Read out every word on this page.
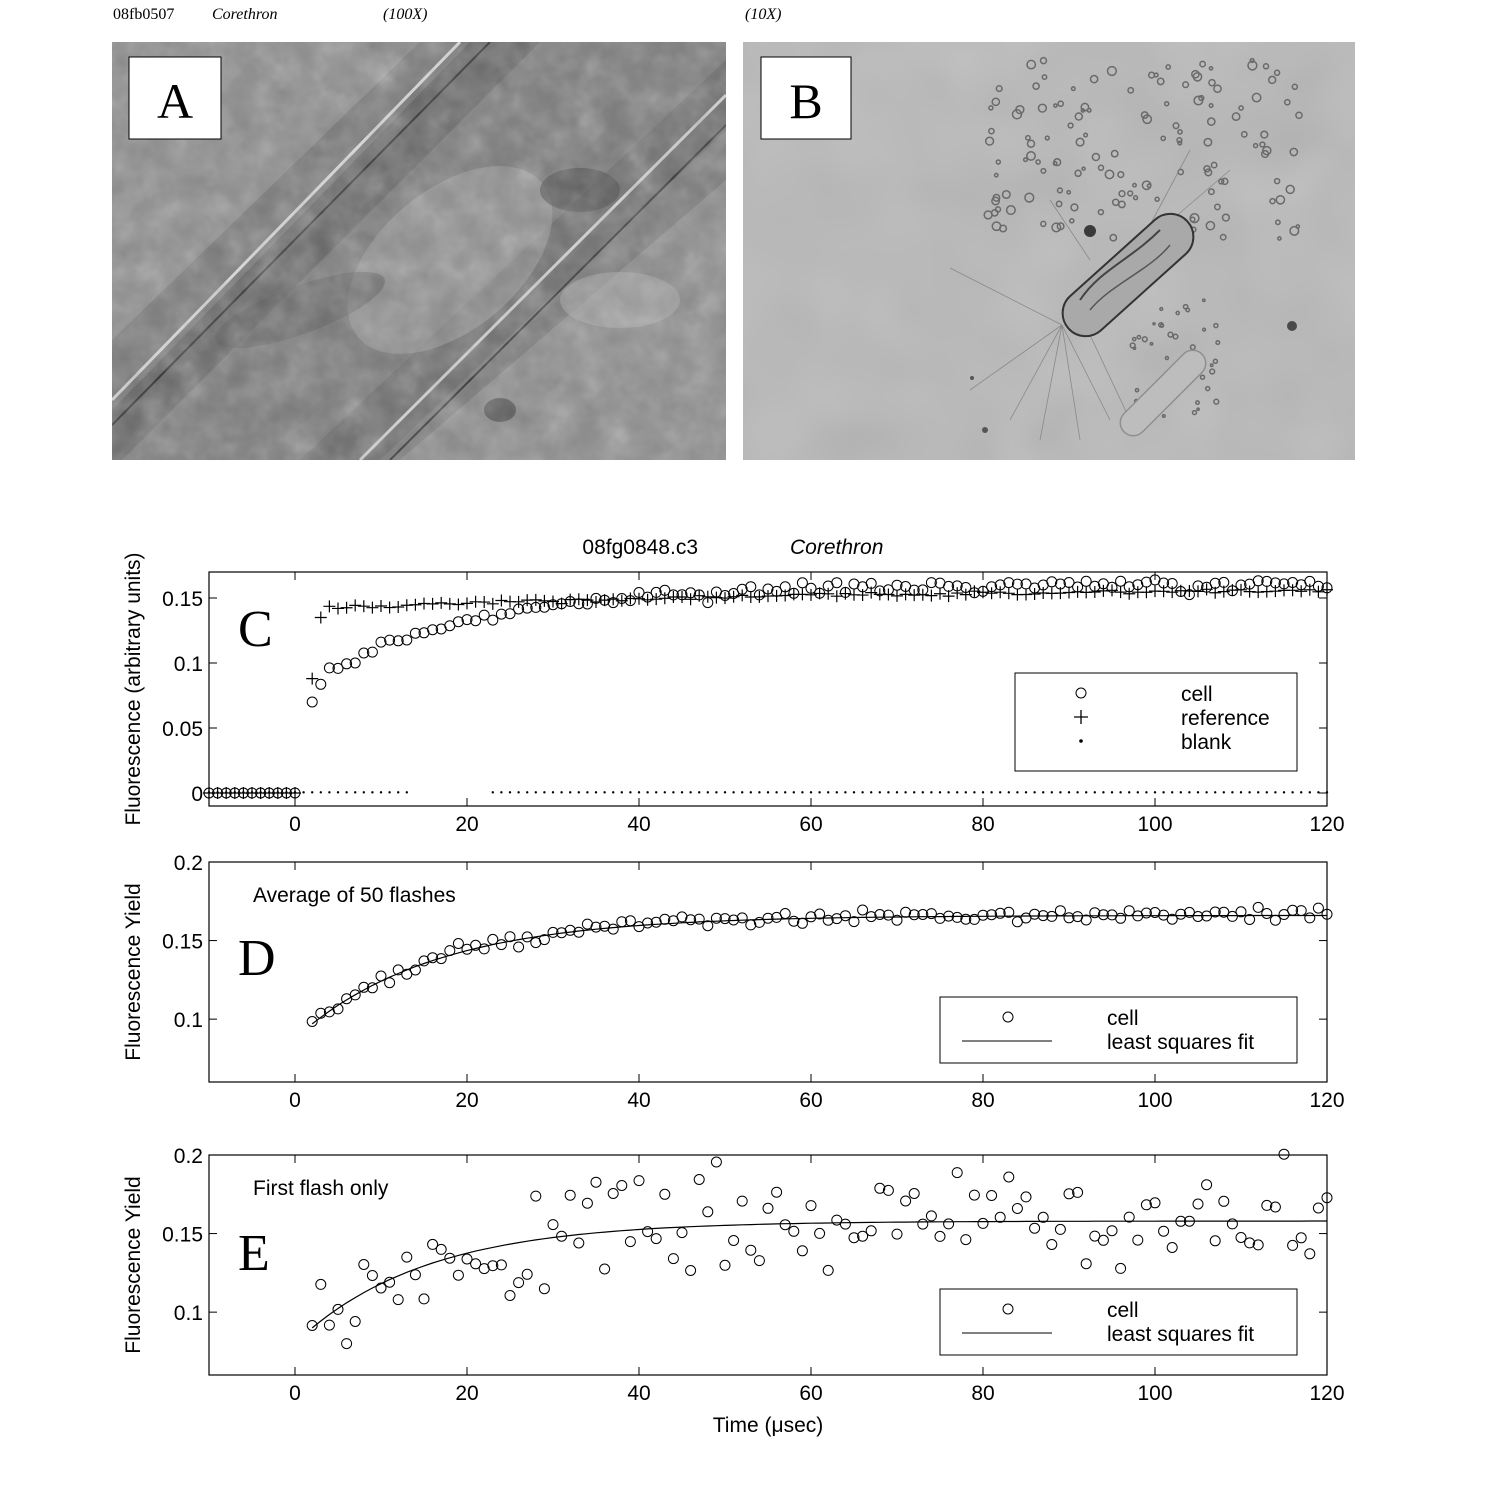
08fb0507 Corethron	(100X)	(10X)
A	B
08fg0848.c3	Corethron
0	20	40	60	80	100	120
0
0.05
0.1
0.15
Fluorescence (arbitrary units) C
cell
reference
blank
0	20	40	60	80	100	120
0.1
0.15
0.2
Fluorescence Yield D
Average of 50 flashes
cell
least squares fit
0	20	40	60	80	100	120
0.1
0.15
0.2
Fluorescence Yield
Time (μsec)
E
First flash only
cell
least squares fit
